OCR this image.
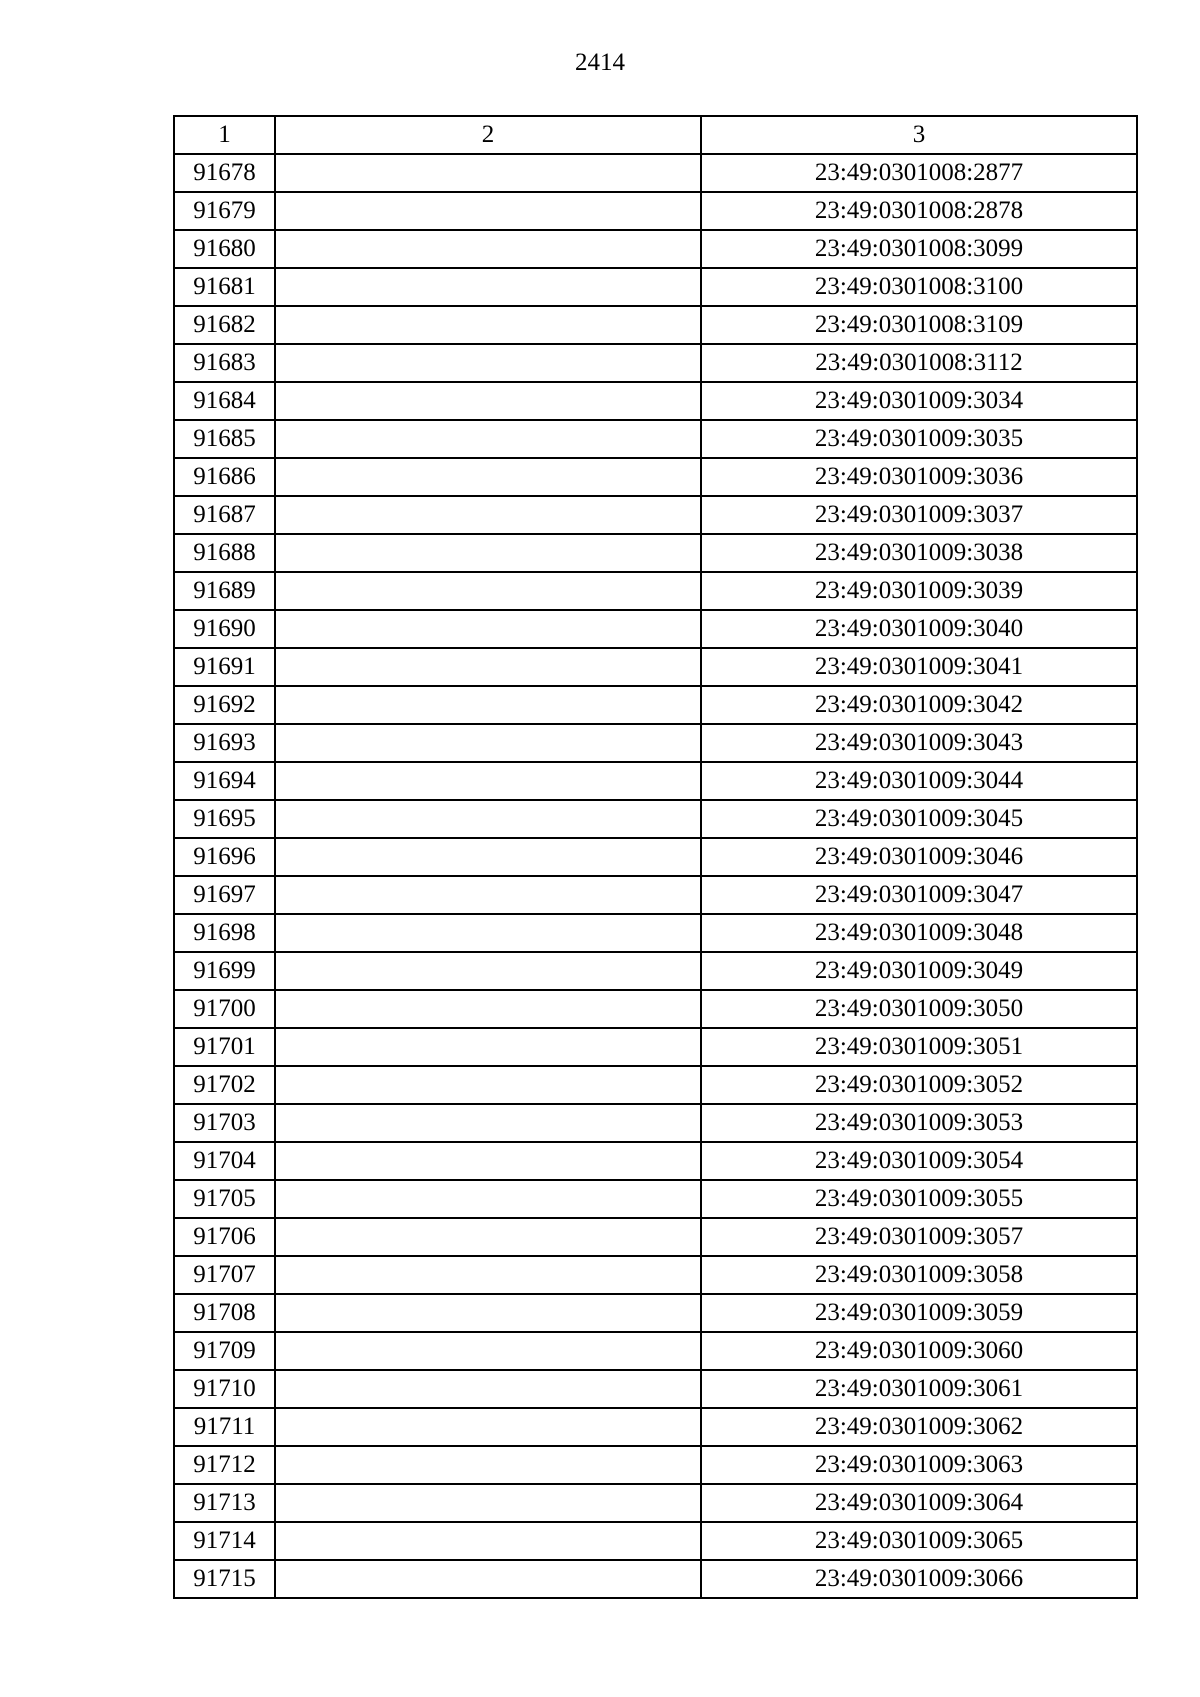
2414
1	2	3
91678		23:49:0301008:2877
91679		23:49:0301008:2878
91680		23:49:0301008:3099
91681		23:49:0301008:3100
91682		23:49:0301008:3109
91683		23:49:0301008:3112
91684		23:49:0301009:3034
91685		23:49:0301009:3035
91686		23:49:0301009:3036
91687		23:49:0301009:3037
91688		23:49:0301009:3038
91689		23:49:0301009:3039
91690		23:49:0301009:3040
91691		23:49:0301009:3041
91692		23:49:0301009:3042
91693		23:49:0301009:3043
91694		23:49:0301009:3044
91695		23:49:0301009:3045
91696		23:49:0301009:3046
91697		23:49:0301009:3047
91698		23:49:0301009:3048
91699		23:49:0301009:3049
91700		23:49:0301009:3050
91701		23:49:0301009:3051
91702		23:49:0301009:3052
91703		23:49:0301009:3053
91704		23:49:0301009:3054
91705		23:49:0301009:3055
91706		23:49:0301009:3057
91707		23:49:0301009:3058
91708		23:49:0301009:3059
91709		23:49:0301009:3060
91710		23:49:0301009:3061
91711		23:49:0301009:3062
91712		23:49:0301009:3063
91713		23:49:0301009:3064
91714		23:49:0301009:3065
91715		23:49:0301009:3066
